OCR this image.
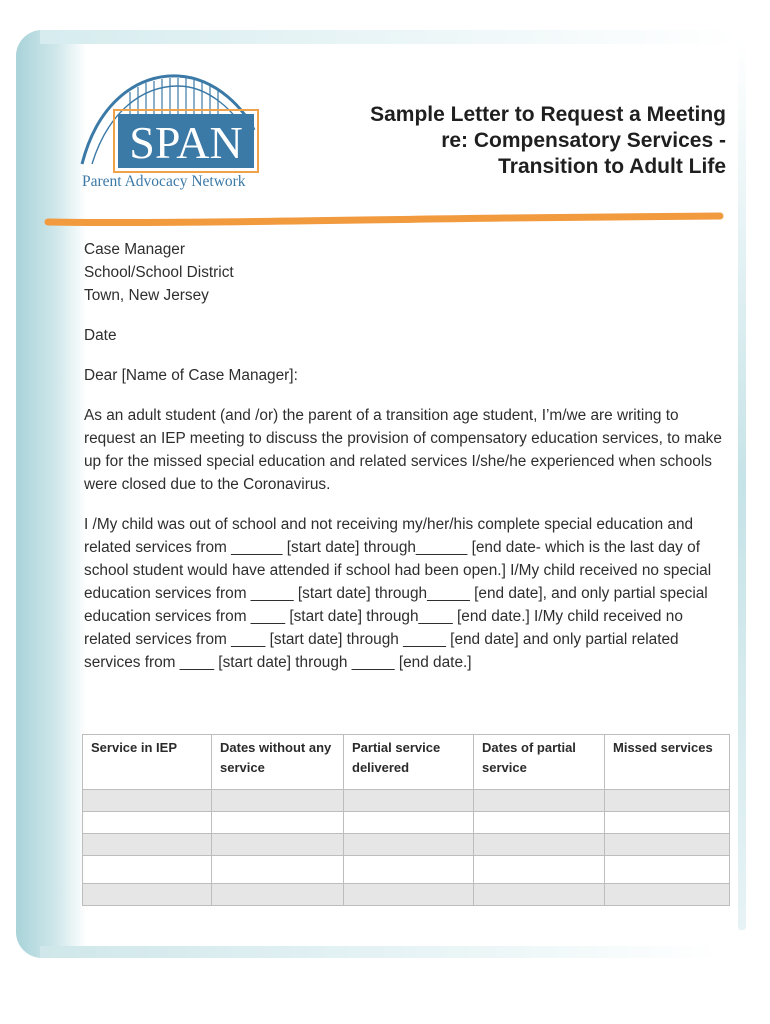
SPAN
Parent Advocacy Network
Sample Letter to Request a Meeting
re: Compensatory Services -
Transition to Adult Life

Case Manager
School/School District
Town, New Jersey

Date

Dear [Name of Case Manager]:

As an adult student (and /or) the parent of a transition age student, I’m/we are writing to request an IEP meeting to discuss the provision of compensatory education services, to make up for the missed special education and related services I/she/he experienced when schools were closed due to the Coronavirus.

I /My child was out of school and not receiving my/her/his complete special education and related services from ______ [start date] through______ [end date- which is the last day of school student would have attended if school had been open.] I/My child received no special education services from _____ [start date] through_____ [end date], and only partial special education services from ____ [start date] through____ [end date.] I/My child received no related services from ____ [start date] through _____ [end date] and only partial related services from ____ [start date] through _____ [end date.]

Service in IEP	Dates without any service	Partial service delivered	Dates of partial service	Missed services
